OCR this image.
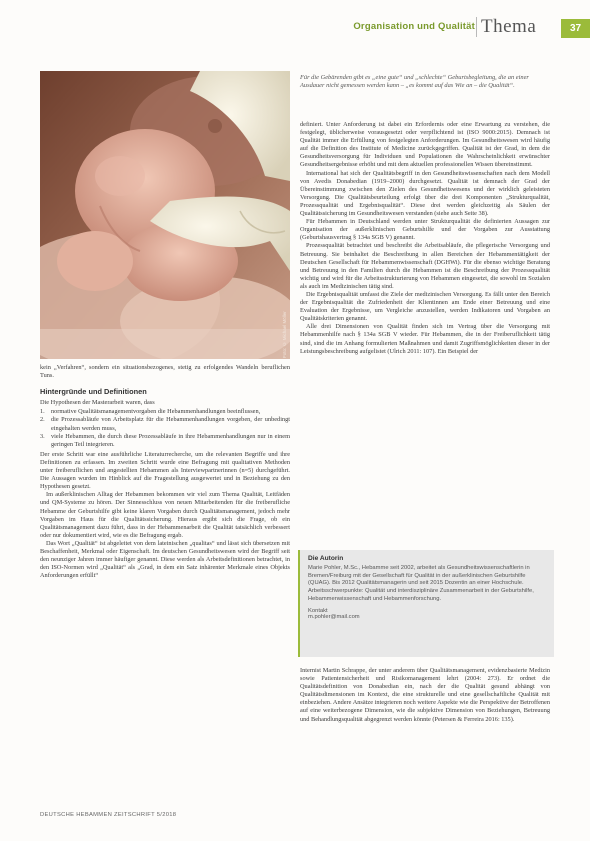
Organisation und Qualität Thema	37
Foto: © Michael Möller
Für die Gebärenden gibt es „eine gute“ und „schlechte“ Geburtsbegleitung, die an einer Ausdauer nicht gemessen werden kann – „es kommt auf das Wie an – die Qualität“.

kein „Verfahren“, sondern ein situationsbezogenes, stetig zu erfolgendes Wandeln beruflichen Tuns.

Hintergründe und Definitionen

Die Hypothesen der Masterarbeit waren, dass

1. normative Qualitätsmanagementvorgaben die Hebammenhandlungen beeinflussen,
2. die Prozessabläufe von Arbeitsplatz für die Hebammenhandlungen vorgeben, der unbedingt eingehalten werden muss,
3. viele Hebammen, die durch diese Prozessabläufe in ihre Hebammenhandlungen nur in einem geringen Teil integrieren.

Der erste Schritt war eine ausführliche Literaturrecherche, um die relevanten Begriffe und ihre Definitionen zu erfassen. Im zweiten Schritt wurde eine Befragung mit qualitativen Methoden unter freiberuflichen und angestellten Hebammen als Interviewpartnerinnen (n=5) durchgeführt. Die Aussagen wurden im Hinblick auf die Fragestellung ausgewertet und in Beziehung zu den Hypothesen gesetzt.

Im außerklinischen Alltag der Hebammen bekommen wir viel zum Thema Qualität, Leitfäden und QM-Systeme zu hören. Der Sinnesschluss von neuen Mitarbeitenden für die freiberufliche Hebamme der Geburtshilfe gibt keine klaren Vorgaben durch Qualitätsmanagement, jedoch mehr Vorgaben im Haus für die Qualitätssicherung. Hieraus ergibt sich die Frage, ob ein Qualitätsmanagement dazu führt, dass in der Hebammenarbeit die Qualität tatsächlich verbessert oder nur dokumentiert wird, wie es die Befragung ergab.

Das Wort „Qualität“ ist abgeleitet von dem lateinischen „qualitas“ und lässt sich übersetzen mit Beschaffenheit, Merkmal oder Eigenschaft. Im deutschen Gesundheitswesen wird der Begriff seit den neunziger Jahren immer häufiger genannt. Diese werden als Arbeitsdefinitionen betrachtet, in den ISO-Normen wird „Qualität“ als „Grad, in dem ein Satz inhärenter Merkmale eines Objekts Anforderungen erfüllt“

definiert. Unter Anforderung ist dabei ein Erfordernis oder eine Erwartung zu verstehen, die festgelegt, üblicherweise vorausgesetzt oder verpflichtend ist (ISO 9000:2015). Demnach ist Qualität immer die Erfüllung von festgelegten Anforderungen. Im Gesundheitswesen wird häufig auf die Definition des Institute of Medicine zurückgegriffen. Qualität ist der Grad, in dem die Gesundheitsversorgung für Individuen und Populationen die Wahrscheinlichkeit erwünschter Gesundheitsergebnisse erhöht und mit dem aktuellen professionellen Wissen übereinstimmt.

International hat sich der Qualitätsbegriff in den Gesundheitswissenschaften nach dem Modell von Avedis Donabedian (1919–2000) durchgesetzt. Qualität ist demnach der Grad der Übereinstimmung zwischen den Zielen des Gesundheitswesens und der wirklich geleisteten Versorgung. Die Qualitätsbeurteilung erfolgt über die drei Komponenten „Strukturqualität, Prozessqualität und Ergebnisqualität“. Diese drei werden gleichzeitig als Säulen der Qualitätssicherung im Gesundheitswesen verstanden (siehe auch Seite 38).

Für Hebammen in Deutschland werden unter Strukturqualität die definierten Aussagen zur Organisation der außerklinischen Geburtshilfe und der Vorgaben zur Ausstattung (Geburtshausvertrag § 134a SGB V) genannt.

Prozessqualität betrachtet und beschreibt die Arbeitsabläufe, die pflegerische Versorgung und Betreuung. Sie beinhaltet die Beschreibung in allen Bereichen der Hebammentätigkeit der Deutschen Gesellschaft für Hebammenwissenschaft (DGHWi). Für die ebenso wichtige Beratung und Betreuung in den Familien durch die Hebammen ist die Beschreibung der Prozessqualität wichtig und wird für die Arbeitsstrukturierung von Hebammen eingesetzt, die sowohl im Sozialen als auch im Medizinischen tätig sind.

Die Ergebnisqualität umfasst die Ziele der medizinischen Versorgung. Es fällt unter den Bereich der Ergebnisqualität die Zufriedenheit der Klientinnen am Ende einer Betreuung und eine Evaluation der Ergebnisse, um Vergleiche anzustellen, werden Indikatoren und Vorgaben an Qualitätskriterien genannt.

Alle drei Dimensionen von Qualität finden sich im Vertrag über die Versorgung mit Hebammenhilfe nach § 134a SGB V wieder. Für Hebammen, die in der Freiberuflichkeit tätig sind, sind die im Anhang formulierten Maßnahmen und damit Zugriffsmöglichkeiten dieser in der Leistungsbeschreibung aufgelistet (Ulrich 2011: 107). Ein Beispiel der

Die Autorin
Marie Pohler, M.Sc., Hebamme seit 2002, arbeitet als Gesundheitswissenschaftlerin in Bremen/Freiburg mit der Gesellschaft für Qualität in der außerklinischen Geburtshilfe (QUAG). Bis 2012 Qualitätsmanagerin und seit 2015 Dozentin an einer Hochschule. Arbeitsschwerpunkte: Qualität und interdisziplinäre Zusammenarbeit in der Geburtshilfe, Hebammenwissenschaft und Hebammenforschung.
Kontakt
m.pohler@mail.com

Internist Martin Schrappe, der unter anderem über Qualitätsmanagement, evidenzbasierte Medizin sowie Patientensicherheit und Risikomanagement lehrt (2004: 273). Er ordnet die Qualitätsdefinition von Donabedian ein, nach der die Qualität gesund abhängt von Qualitätsdimensionen im Kontext, die eine strukturelle und eine gesellschaftliche Qualität mit einbeziehen. Andere Ansätze integrieren noch weitere Aspekte wie die Perspektive der Betroffenen auf eine weiterbezogene Dimension, wie die subjektive Dimension von Beziehungen, Betreuung und Behandlungsqualität abgegrenzt werden könnte (Petersen & Ferreira 2016: 135).

DEUTSCHE HEBAMMEN ZEITSCHRIFT 5/2018
